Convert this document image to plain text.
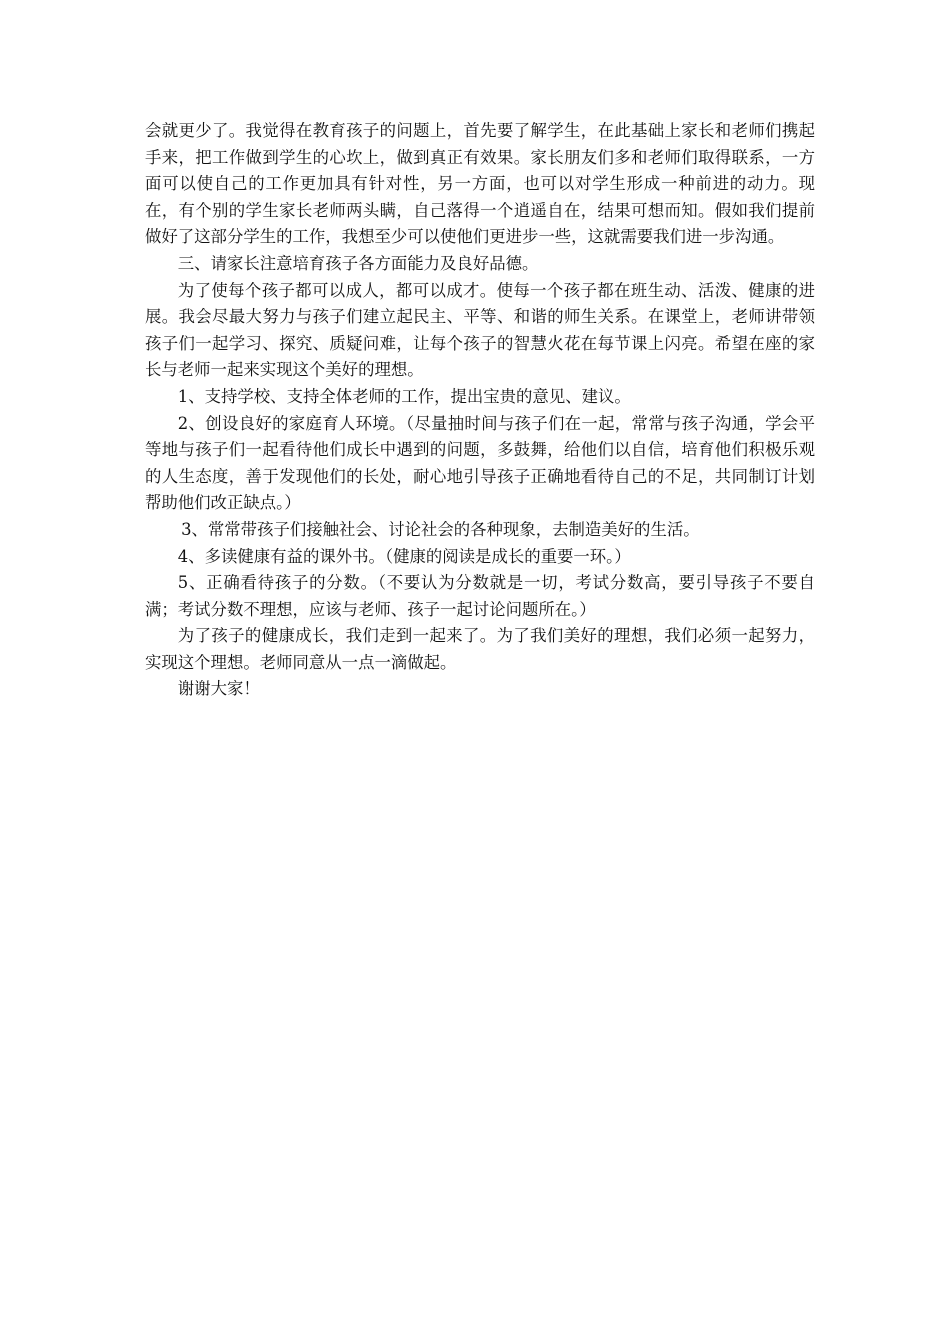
会就更少了。我觉得在教育孩子的问题上，首先要了解学生，在此基础上家长和老师们携起手来，把工作做到学生的心坎上，做到真正有效果。家长朋友们多和老师们取得联系，一方面可以使自己的工作更加具有针对性，另一方面，也可以对学生形成一种前进的动力。现在，有个别的学生家长老师两头瞒，自己落得一个逍遥自在，结果可想而知。假如我们提前做好了这部分学生的工作，我想至少可以使他们更进步一些，这就需要我们进一步沟通。

三、请家长注意培育孩子各方面能力及良好品德。

为了使每个孩子都可以成人，都可以成才。使每一个孩子都在班生动、活泼、健康的进展。我会尽最大努力与孩子们建立起民主、平等、和谐的师生关系。在课堂上，老师讲带领孩子们一起学习、探究、质疑问难，让每个孩子的智慧火花在每节课上闪亮。希望在座的家长与老师一起来实现这个美好的理想。

1、支持学校、支持全体老师的工作，提出宝贵的意见、建议。

2、创设良好的家庭育人环境。（尽量抽时间与孩子们在一起，常常与孩子沟通，学会平等地与孩子们一起看待他们成长中遇到的问题，多鼓舞，给他们以自信，培育他们积极乐观的人生态度，善于发现他们的长处，耐心地引导孩子正确地看待自己的不足，共同制订计划帮助他们改正缺点。）

3、常常带孩子们接触社会、讨论社会的各种现象，去制造美好的生活。

4、多读健康有益的课外书。（健康的阅读是成长的重要一环。）

5、正确看待孩子的分数。（不要认为分数就是一切，考试分数高，要引导孩子不要自满；考试分数不理想，应该与老师、孩子一起讨论问题所在。）

为了孩子的健康成长，我们走到一起来了。为了我们美好的理想，我们必须一起努力，实现这个理想。老师同意从一点一滴做起。

谢谢大家！
